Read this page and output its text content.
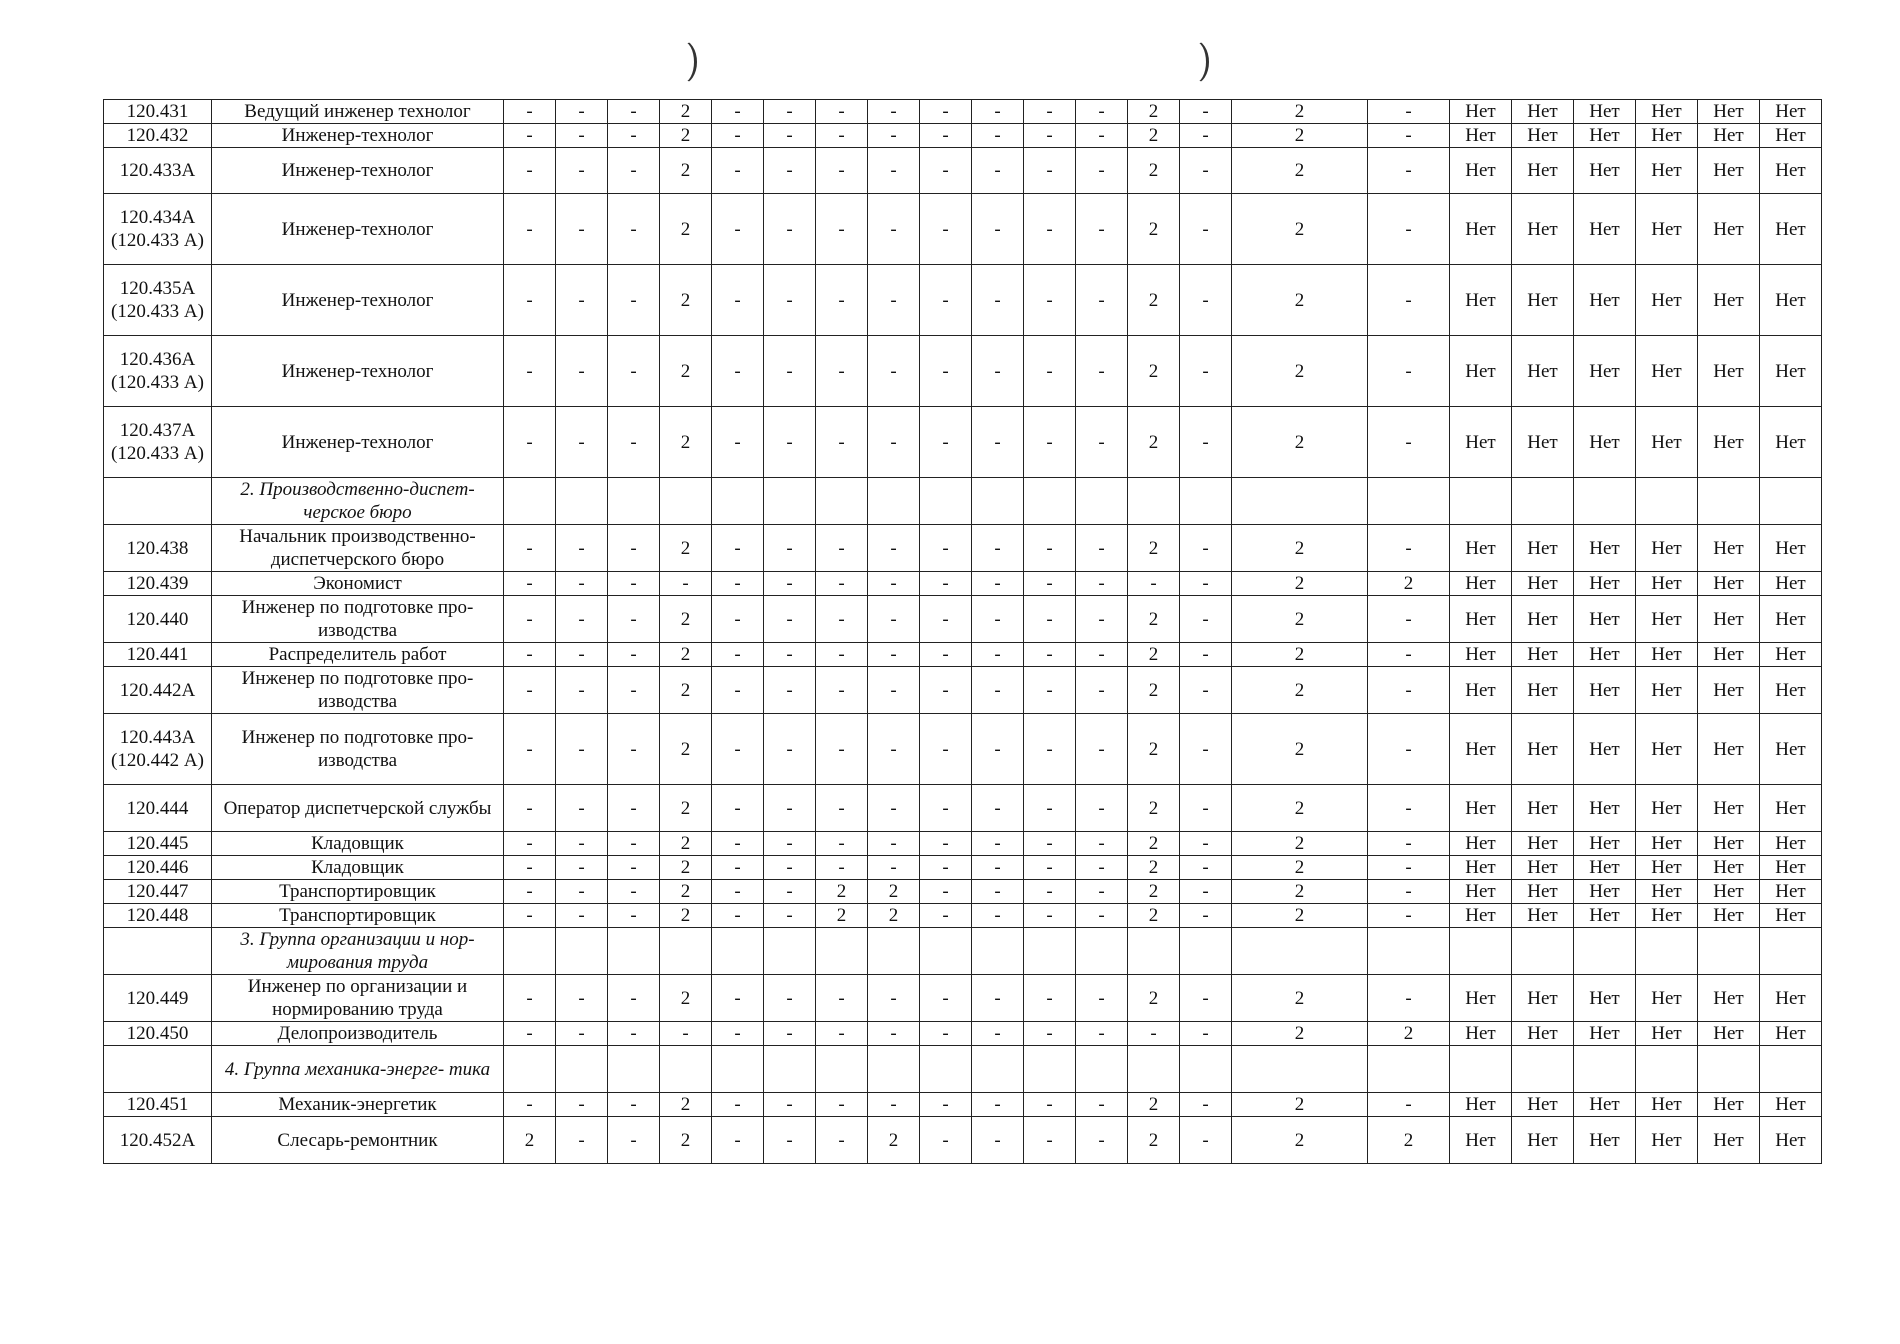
120.431	Ведущий инженер технолог	-	-	-	2	-	-	-	-	-	-	-	-	2	-	2	-	Нет	Нет	Нет	Нет	Нет	Нет
120.432	Инженер-технолог	-	-	-	2	-	-	-	-	-	-	-	-	2	-	2	-	Нет	Нет	Нет	Нет	Нет	Нет
120.433А	Инженер-технолог	-	-	-	2	-	-	-	-	-	-	-	-	2	-	2	-	Нет	Нет	Нет	Нет	Нет	Нет
120.434А (120.433 А)	Инженер-технолог	-	-	-	2	-	-	-	-	-	-	-	-	2	-	2	-	Нет	Нет	Нет	Нет	Нет	Нет
120.435А (120.433 А)	Инженер-технолог	-	-	-	2	-	-	-	-	-	-	-	-	2	-	2	-	Нет	Нет	Нет	Нет	Нет	Нет
120.436А (120.433 А)	Инженер-технолог	-	-	-	2	-	-	-	-	-	-	-	-	2	-	2	-	Нет	Нет	Нет	Нет	Нет	Нет
120.437А (120.433 А)	Инженер-технолог	-	-	-	2	-	-	-	-	-	-	-	-	2	-	2	-	Нет	Нет	Нет	Нет	Нет	Нет
	2. Производственно-диспет- черское бюро																						
120.438	Начальник производственно- диспетчерского бюро	-	-	-	2	-	-	-	-	-	-	-	-	2	-	2	-	Нет	Нет	Нет	Нет	Нет	Нет
120.439	Экономист	-	-	-	-	-	-	-	-	-	-	-	-	-	-	2	2	Нет	Нет	Нет	Нет	Нет	Нет
120.440	Инженер по подготовке про- изводства	-	-	-	2	-	-	-	-	-	-	-	-	2	-	2	-	Нет	Нет	Нет	Нет	Нет	Нет
120.441	Распределитель работ	-	-	-	2	-	-	-	-	-	-	-	-	2	-	2	-	Нет	Нет	Нет	Нет	Нет	Нет
120.442А	Инженер по подготовке про- изводства	-	-	-	2	-	-	-	-	-	-	-	-	2	-	2	-	Нет	Нет	Нет	Нет	Нет	Нет
120.443А (120.442 А)	Инженер по подготовке про- изводства	-	-	-	2	-	-	-	-	-	-	-	-	2	-	2	-	Нет	Нет	Нет	Нет	Нет	Нет
120.444	Оператор диспетчерской службы	-	-	-	2	-	-	-	-	-	-	-	-	2	-	2	-	Нет	Нет	Нет	Нет	Нет	Нет
120.445	Кладовщик	-	-	-	2	-	-	-	-	-	-	-	-	2	-	2	-	Нет	Нет	Нет	Нет	Нет	Нет
120.446	Кладовщик	-	-	-	2	-	-	-	-	-	-	-	-	2	-	2	-	Нет	Нет	Нет	Нет	Нет	Нет
120.447	Транспортировщик	-	-	-	2	-	-	2	2	-	-	-	-	2	-	2	-	Нет	Нет	Нет	Нет	Нет	Нет
120.448	Транспортировщик	-	-	-	2	-	-	2	2	-	-	-	-	2	-	2	-	Нет	Нет	Нет	Нет	Нет	Нет
	3. Группа организации и нор- мирования труда																						
120.449	Инженер по организации и нормированию труда	-	-	-	2	-	-	-	-	-	-	-	-	2	-	2	-	Нет	Нет	Нет	Нет	Нет	Нет
120.450	Делопроизводитель	-	-	-	-	-	-	-	-	-	-	-	-	-	-	2	2	Нет	Нет	Нет	Нет	Нет	Нет
	4. Группа механика-энерге- тика																						
120.451	Механик-энергетик	-	-	-	2	-	-	-	-	-	-	-	-	2	-	2	-	Нет	Нет	Нет	Нет	Нет	Нет
120.452А	Слесарь-ремонтник	2	-	-	2	-	-	-	2	-	-	-	-	2	-	2	2	Нет	Нет	Нет	Нет	Нет	Нет
